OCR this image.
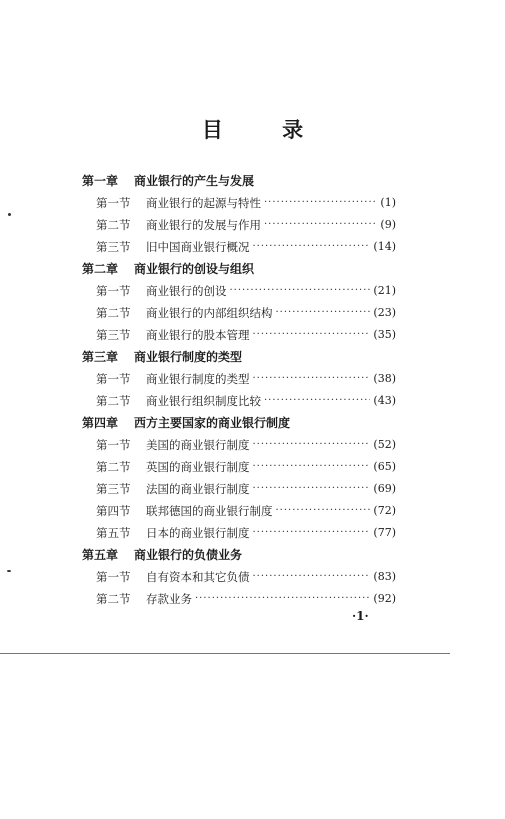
目 录
第一章 商业银行的产生与发展
第一节	商业银行的起源与特性 ·····	(1)
第二节	商业银行的发展与作用 ·····	(9)
第三节	旧中国商业银行概况 ·····	(14)
第二章 商业银行的创设与组织
第一节	商业银行的创设 ·····	(21)
第二节	商业银行的内部组织结构 ·····	(23)
第三节	商业银行的股本管理 ·····	(35)
第三章 商业银行制度的类型
第一节	商业银行制度的类型 ·····	(38)
第二节	商业银行组织制度比较 ·····	(43)
第四章 西方主要国家的商业银行制度
第一节	美国的商业银行制度 ·····	(52)
第二节	英国的商业银行制度 ·····	(65)
第三节	法国的商业银行制度 ·····	(69)
第四节	联邦德国的商业银行制度 ·····	(72)
第五节	日本的商业银行制度 ·····	(77)
第五章 商业银行的负债业务
第一节	自有资本和其它负债 ·····	(83)
第二节	存款业务 ·····	(92)
·1·
